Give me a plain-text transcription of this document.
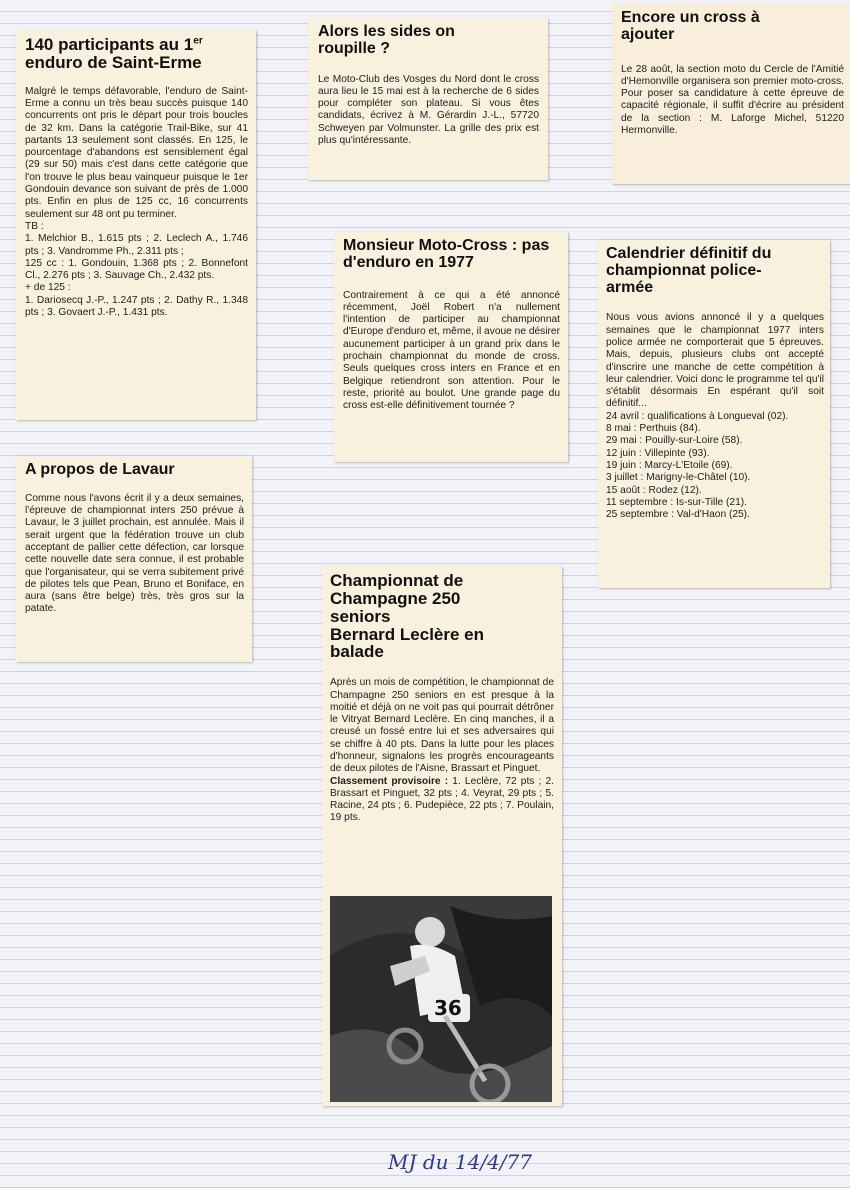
140 participants au 1er
enduro de Saint-Erme

Malgré le temps défavorable, l'enduro de Saint-Erme a connu un très beau succès puisque 140 concurrents ont pris le départ pour trois boucles de 32 km. Dans la catégorie Trail-Bike, sur 41 partants 13 seulement sont classés. En 125, le pourcentage d'abandons est sensiblement égal (29 sur 50) mais c'est dans cette catégorie que l'on trouve le plus beau vainqueur puisque le 1er Gondouin devance son suivant de près de 1.000 pts. Enfin en plus de 125 cc, 16 concurrents seulement sur 48 ont pu terminer.

TB :
1. Melchior B., 1.615 pts ; 2. Leclech A., 1.746 pts ; 3. Vandromme Ph., 2.311 pts ;
125 cc : 1. Gondouin, 1.368 pts ; 2. Bonnefont Cl., 2.276 pts ; 3. Sauvage Ch., 2.432 pts.
+ de 125 :
1. Dariosecq J.-P., 1.247 pts ; 2. Dathy R., 1.348 pts ; 3. Govaert J.-P., 1.431 pts.
Alors les sides on roupille ?
Le Moto-Club des Vosges du Nord dont le cross aura lieu le 15 mai est à la recherche de 6 sides pour compléter son plateau. Si vous êtes candidats, écrivez à M. Gérardin J.-L., 57720 Schweyen par Volmunster. La grille des prix est plus qu'intéressante.
Encore un cross à ajouter
Le 28 août, la section moto du Cercle de l'Amitié d'Hemonville organisera son premier moto-cross. Pour poser sa candidature à cette épreuve de capacité régionale, il suffit d'écrire au président de la section : M. Laforge Michel, 51220 Hermonville.
Monsieur Moto-Cross : pas d'enduro en 1977
Contrairement à ce qui a été annoncé récemment, Joël Robert n'a nullement l'intention de participer au championnat d'Europe d'enduro et, même, il avoue ne désirer aucunement participer à un grand prix dans le prochain championnat du monde de cross. Seuls quelques cross inters en France et en Belgique retiendront son attention. Pour le reste, priorité au boulot. Une grande page du cross est-elle définitivement tournée ?
Calendrier définitif du championnat police-armée

Nous vous avions annoncé il y a quelques semaines que le championnat 1977 inters police armée ne comporterait que 5 épreuves. Mais, depuis, plusieurs clubs ont accepté d'inscrire une manche de cette compétition à leur calendrier. Voici donc le programme tel qu'il s'établit désormais En espérant qu'il soit définitif...

24 avril : qualifications à Longueval (02).
8 mai : Perthuis (84).
29 mai : Pouilly-sur-Loire (58).
12 juin : Villepinte (93).
19 juin : Marcy-L'Etoile (69).
3 juillet : Marigny-le-Châtel (10).
15 août : Rodez (12).
11 septembre : Is-sur-Tille (21).
25 septembre : Val-d'Haon (25).
A propos de Lavaur
Comme nous l'avons écrit il y a deux semaines, l'épreuve de championnat inters 250 prévue à Lavaur, le 3 juillet prochain, est annulée. Mais il serait urgent que la fédération trouve un club acceptant de pallier cette défection, car lorsque cette nouvelle date sera connue, il est probable que l'organisateur, qui se verra subitement privé de pilotes tels que Pean, Bruno et Boniface, en aura (sans être belge) très, très gros sur la patate.
Championnat de Champagne 250 seniors
Bernard Leclère en balade

Après un mois de compétition, le championnat de Champagne 250 seniors en est presque à la moitié et déjà on ne voit pas qui pourrait détrôner le Vitryat Bernard Leclère. En cinq manches, il a creusé un fossé entre lui et ses adversaires qui se chiffre à 40 pts. Dans la lutte pour les places d'honneur, signalons les progrès encourageants de deux pilotes de l'Aisne, Brassart et Pinguet.

Classement provisoire : 1. Leclère, 72 pts ; 2. Brassart et Pinguet, 32 pts ; 4. Veyrat, 29 pts ; 5. Racine, 24 pts ; 6. Pudepièce, 22 pts ; 7. Poulain, 19 pts.

36
MJ du 14/4/77
